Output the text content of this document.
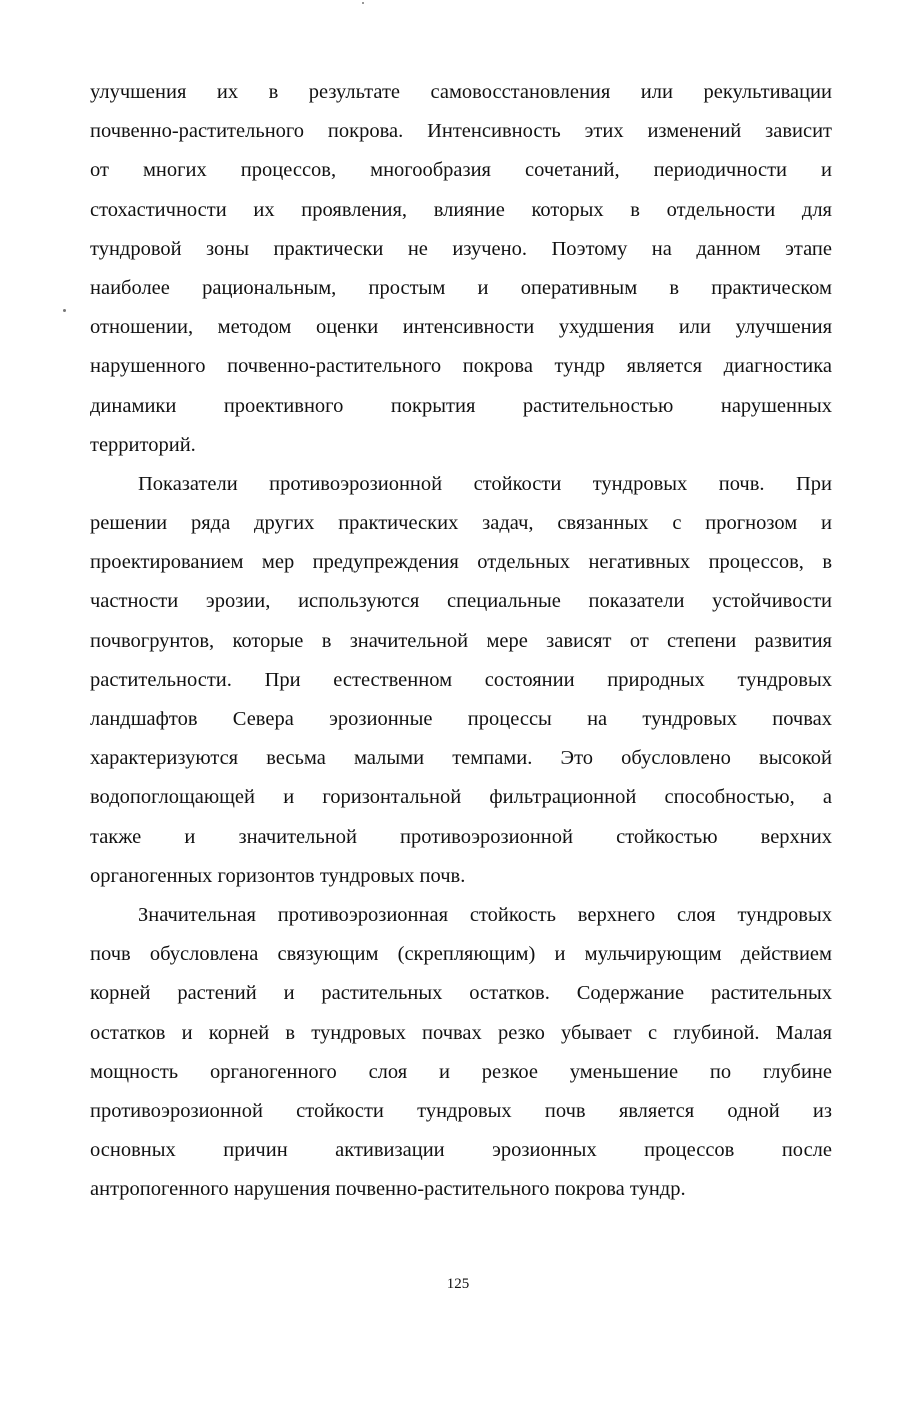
улучшения их в результате самовосстановления или рекультивации
почвенно-растительного покрова. Интенсивность этих изменений зависит
от многих процессов, многообразия сочетаний, периодичности и
стохастичности их проявления, влияние которых в отдельности для
тундровой зоны практически не изучено. Поэтому на данном этапе
наиболее рациональным, простым и оперативным в практическом
отношении, методом оценки интенсивности ухудшения или улучшения
нарушенного почвенно-растительного покрова тундр является диагностика
динамики проективного покрытия растительностью нарушенных
территорий.
Показатели противоэрозионной стойкости тундровых почв. При
решении ряда других практических задач, связанных с прогнозом и
проектированием мер предупреждения отдельных негативных процессов, в
частности эрозии, используются специальные показатели устойчивости
почвогрунтов, которые в значительной мере зависят от степени развития
растительности. При естественном состоянии природных тундровых
ландшафтов Севера эрозионные процессы на тундровых почвах
характеризуются весьма малыми темпами. Это обусловлено высокой
водопоглощающей и горизонтальной фильтрационной способностью, а
также и значительной противоэрозионной стойкостью верхних
органогенных горизонтов тундровых почв.
Значительная противоэрозионная стойкость верхнего слоя тундровых
почв обусловлена связующим (скрепляющим) и мульчирующим действием
корней растений и растительных остатков. Содержание растительных
остатков и корней в тундровых почвах резко убывает с глубиной. Малая
мощность органогенного слоя и резкое уменьшение по глубине
противоэрозионной стойкости тундровых почв является одной из
основных причин активизации эрозионных процессов после
антропогенного нарушения почвенно-растительного покрова тундр.
125
